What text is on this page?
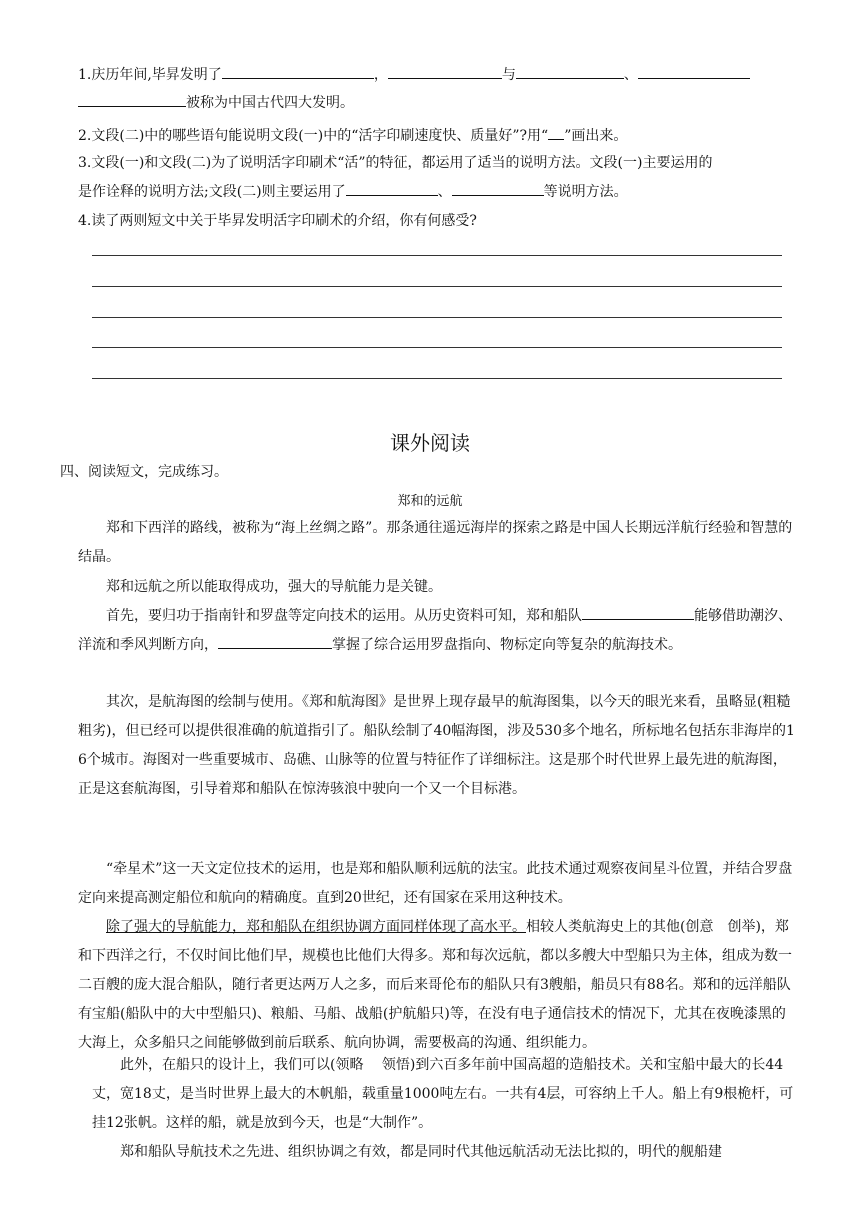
1.庆历年间,毕昇发明了	，	与	、
被称为中国古代四大发明。
2.文段(二)中的哪些语句能说明文段(一)中的“活字印刷速度快、质量好”?用“ ”画出来。
3.文段(一)和文段(二)为了说明活字印刷术“活”的特征，都运用了适当的说明方法。文段(一)主要运用的
是作诠释的说明方法;文段(二)则主要运用了	、	等说明方法。
4.读了两则短文中关于毕昇发明活字印刷术的介绍，你有何感受?
课外阅读
四、阅读短文，完成练习。
郑和的远航
郑和下西洋的路线，被称为“海上丝绸之路”。那条通往遥远海岸的探索之路是中国人长期远洋航行经验和智慧的结晶。
郑和远航之所以能取得成功，强大的导航能力是关键。
首先，要归功于指南针和罗盘等定向技术的运用。从历史资料可知，郑和船队	能够借助潮汐、洋流和季风判断方向，	掌握了综合运用罗盘指向、物标定向等复杂的航海技术。
其次，是航海图的绘制与使用。《郑和航海图》是世界上现存最早的航海图集，以今天的眼光来看，虽略显(粗糙　 粗劣)，但已经可以提供很准确的航道指引了。船队绘制了40幅海图，涉及530多个地名，所标地名包括东非海岸的16个城市。海图对一些重要城市、岛礁、山脉等的位置与特征作了详细标注。这是那个时代世界上最先进的航海图，正是这套航海图，引导着郑和船队在惊涛骇浪中驶向一个又一个目标港。
“牵星术”这一天文定位技术的运用，也是郑和船队顺利远航的法宝。此技术通过观察夜间星斗位置，并结合罗盘定向来提高测定船位和航向的精确度。直到20世纪，还有国家在采用这种技术。
除了强大的导航能力，郑和船队在组织协调方面同样体现了高水平。相较人类航海史上的其他(创意　创举)，郑和下西洋之行，不仅时间比他们早，规模也比他们大得多。郑和每次远航，都以多艘大中型船只为主体，组成为数一二百艘的庞大混合船队，随行者更达两万人之多，而后来哥伦布的船队只有3艘船，船员只有88名。郑和的远洋船队有宝船(船队中的大中型船只)、粮船、马船、战船(护航船只)等，在没有电子通信技术的情况下，尤其在夜晚漆黑的大海上，众多船只之间能够做到前后联系、航向协调，需要极高的沟通、组织能力。
此外，在船只的设计上，我们可以(领略　 领悟)到六百多年前中国高超的造船技术。关和宝船中最大的长44丈，宽18丈，是当时世界上最大的木帆船，载重量1000吨左右。一共有4层，可容纳上千人。船上有9根桅杆，可挂12张帆。这样的船，就是放到今天，也是“大制作”。
郑和船队导航技术之先进、组织协调之有效，都是同时代其他远航活动无法比拟的，明代的舰船建
